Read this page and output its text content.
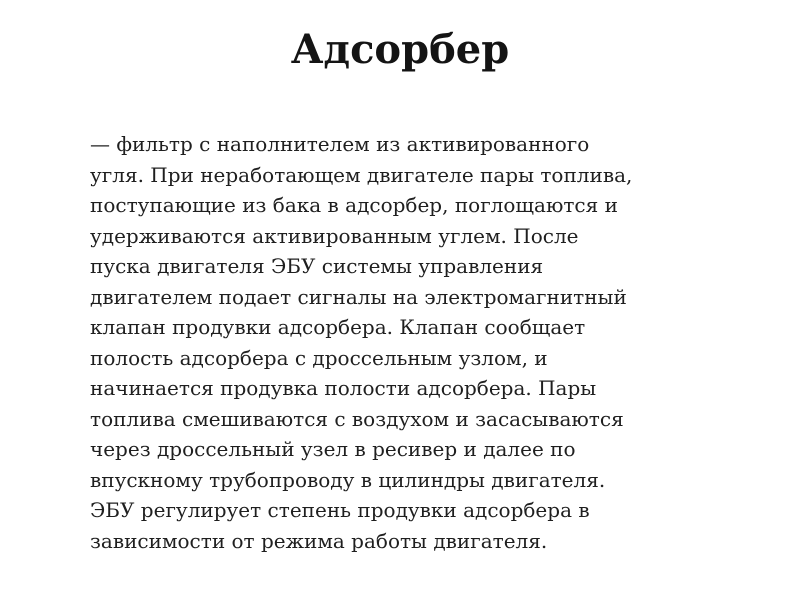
Адсорбер

— фильтр с наполнителем из активированного
угля. При неработающем двигателе пары топлива,
поступающие из бака в адсорбер, поглощаются и
удерживаются активированным углем. После
пуска двигателя ЭБУ системы управления
двигателем подает сигналы на электромагнитный
клапан продувки адсорбера. Клапан сообщает
полость адсорбера с дроссельным узлом, и
начинается продувка полости адсорбера. Пары
топлива смешиваются с воздухом и засасываются
через дроссельный узел в ресивер и далее по
впускному трубопроводу в цилиндры двигателя.
ЭБУ регулирует степень продувки адсорбера в
зависимости от режима работы двигателя.
